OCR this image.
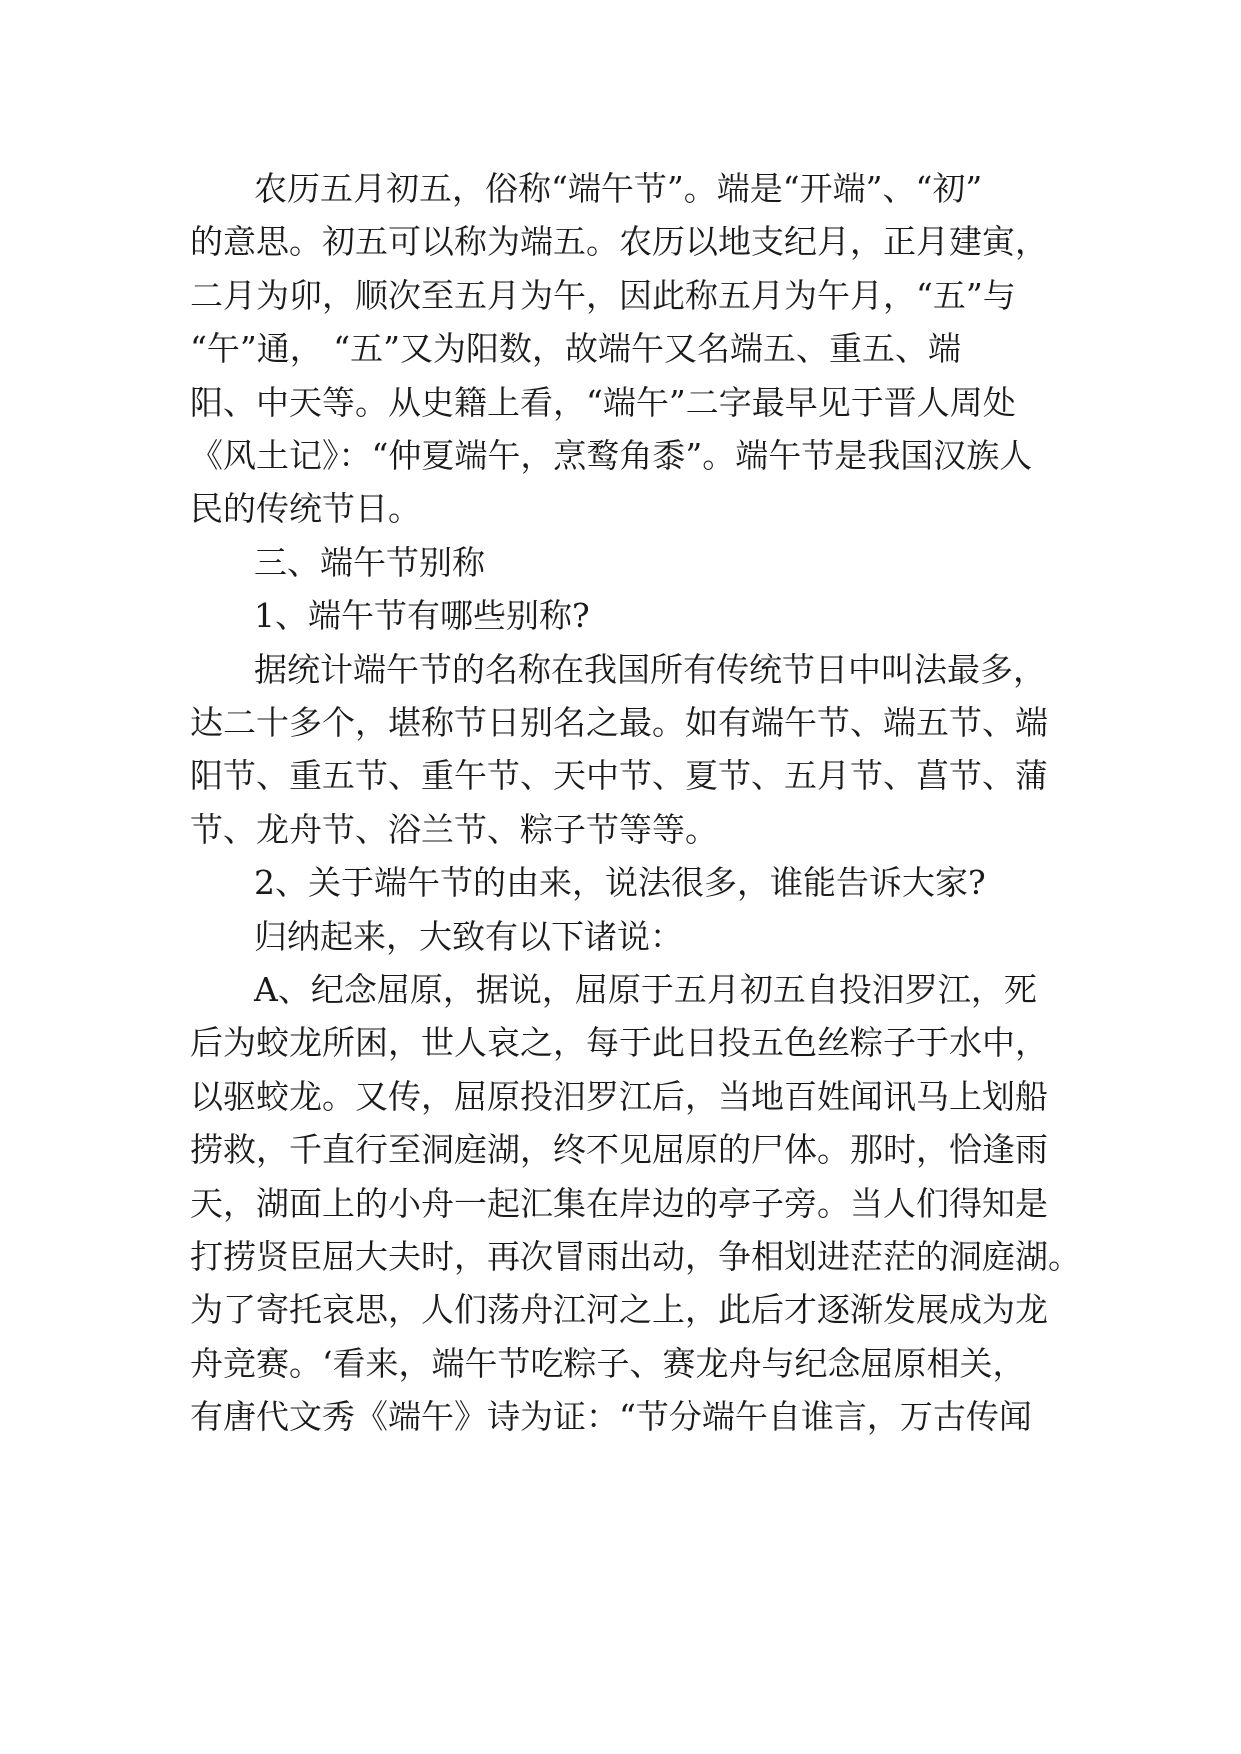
农历五月初五，俗称“端午节”。端是“开端”、“初”
的意思。初五可以称为端五。农历以地支纪月，正月建寅，
二月为卯，顺次至五月为午，因此称五月为午月，“五”与
“午”通， “五”又为阳数，故端午又名端五、重五、端
阳、中天等。从史籍上看，“端午”二字最早见于晋人周处
《风土记》：“仲夏端午，烹鹜角黍”。端午节是我国汉族人
民的传统节日。
三、端午节别称
1、端午节有哪些别称?
据统计端午节的名称在我国所有传统节日中叫法最多，
达二十多个，堪称节日别名之最。如有端午节、端五节、端
阳节、重五节、重午节、天中节、夏节、五月节、菖节、蒲
节、龙舟节、浴兰节、粽子节等等。
2、关于端午节的由来，说法很多，谁能告诉大家?
归纳起来，大致有以下诸说：
A、纪念屈原，据说，屈原于五月初五自投汨罗江，死
后为蛟龙所困，世人哀之，每于此日投五色丝粽子于水中，
以驱蛟龙。又传，屈原投汨罗江后，当地百姓闻讯马上划船
捞救，千直行至洞庭湖，终不见屈原的尸体。那时，恰逢雨
天，湖面上的小舟一起汇集在岸边的亭子旁。当人们得知是
打捞贤臣屈大夫时，再次冒雨出动，争相划进茫茫的洞庭湖。
为了寄托哀思，人们荡舟江河之上，此后才逐渐发展成为龙
舟竞赛。‘看来，端午节吃粽子、赛龙舟与纪念屈原相关，
有唐代文秀《端午》诗为证：“节分端午自谁言，万古传闻
